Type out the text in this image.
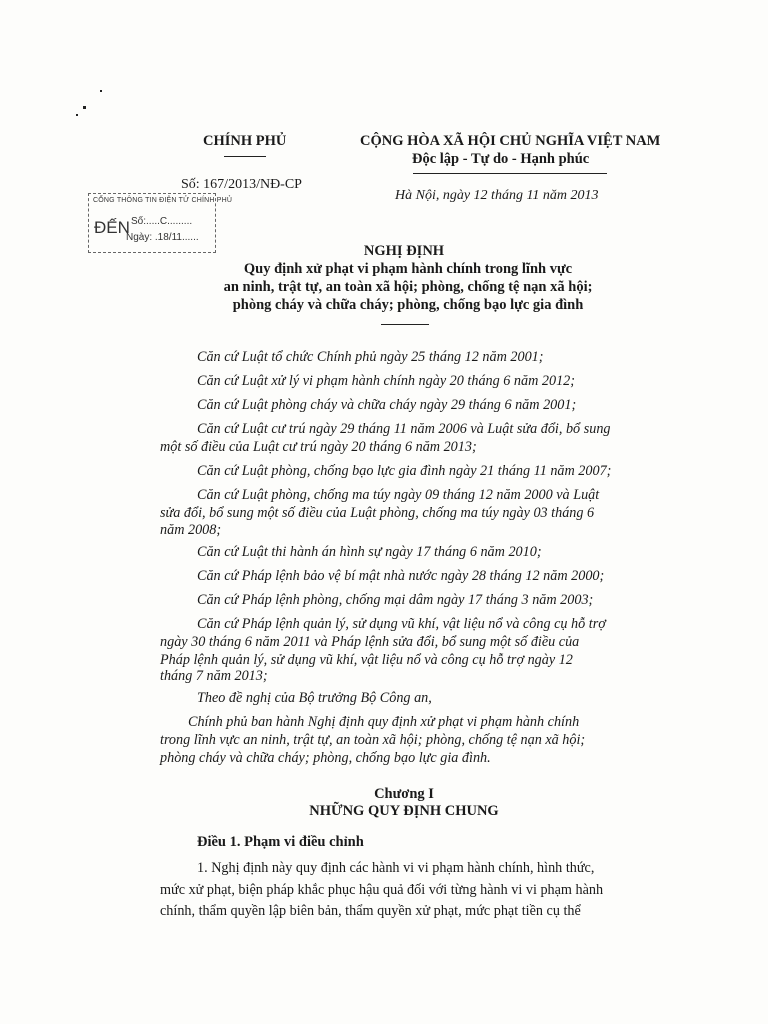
CHÍNH PHỦ
Số: 167/2013/NĐ-CP
CỘNG HÒA XÃ HỘI CHỦ NGHĨA VIỆT NAM
Độc lập - Tự do - Hạnh phúc
Hà Nội, ngày 12 tháng 11 năm 2013
CỔNG THÔNG TIN ĐIỆN TỬ CHÍNH PHỦ
ĐẾN Số:.....C.........
Ngày: .18/11......
NGHỊ ĐỊNH
Quy định xử phạt vi phạm hành chính trong lĩnh vực
an ninh, trật tự, an toàn xã hội; phòng, chống tệ nạn xã hội;
phòng cháy và chữa cháy; phòng, chống bạo lực gia đình
Căn cứ Luật tổ chức Chính phủ ngày 25 tháng 12 năm 2001;
Căn cứ Luật xử lý vi phạm hành chính ngày 20 tháng 6 năm 2012;
Căn cứ Luật phòng cháy và chữa cháy ngày 29 tháng 6 năm 2001;
Căn cứ Luật cư trú ngày 29 tháng 11 năm 2006 và Luật sửa đổi, bổ sung
một số điều của Luật cư trú ngày 20 tháng 6 năm 2013;
Căn cứ Luật phòng, chống bạo lực gia đình ngày 21 tháng 11 năm 2007;
Căn cứ Luật phòng, chống ma túy ngày 09 tháng 12 năm 2000 và Luật
sửa đổi, bổ sung một số điều của Luật phòng, chống ma túy ngày 03 tháng 6
năm 2008;
Căn cứ Luật thi hành án hình sự ngày 17 tháng 6 năm 2010;
Căn cứ Pháp lệnh bảo vệ bí mật nhà nước ngày 28 tháng 12 năm 2000;
Căn cứ Pháp lệnh phòng, chống mại dâm ngày 17 tháng 3 năm 2003;
Căn cứ Pháp lệnh quản lý, sử dụng vũ khí, vật liệu nổ và công cụ hỗ trợ
ngày 30 tháng 6 năm 2011 và Pháp lệnh sửa đổi, bổ sung một số điều của
Pháp lệnh quản lý, sử dụng vũ khí, vật liệu nổ và công cụ hỗ trợ ngày 12
tháng 7 năm 2013;
Theo đề nghị của Bộ trưởng Bộ Công an,
Chính phủ ban hành Nghị định quy định xử phạt vi phạm hành chính
trong lĩnh vực an ninh, trật tự, an toàn xã hội; phòng, chống tệ nạn xã hội;
phòng cháy và chữa cháy; phòng, chống bạo lực gia đình.
Chương I
NHỮNG QUY ĐỊNH CHUNG
Điều 1. Phạm vi điều chỉnh
1. Nghị định này quy định các hành vi vi phạm hành chính, hình thức,
mức xử phạt, biện pháp khắc phục hậu quả đối với từng hành vi vi phạm hành
chính, thẩm quyền lập biên bản, thẩm quyền xử phạt, mức phạt tiền cụ thể
